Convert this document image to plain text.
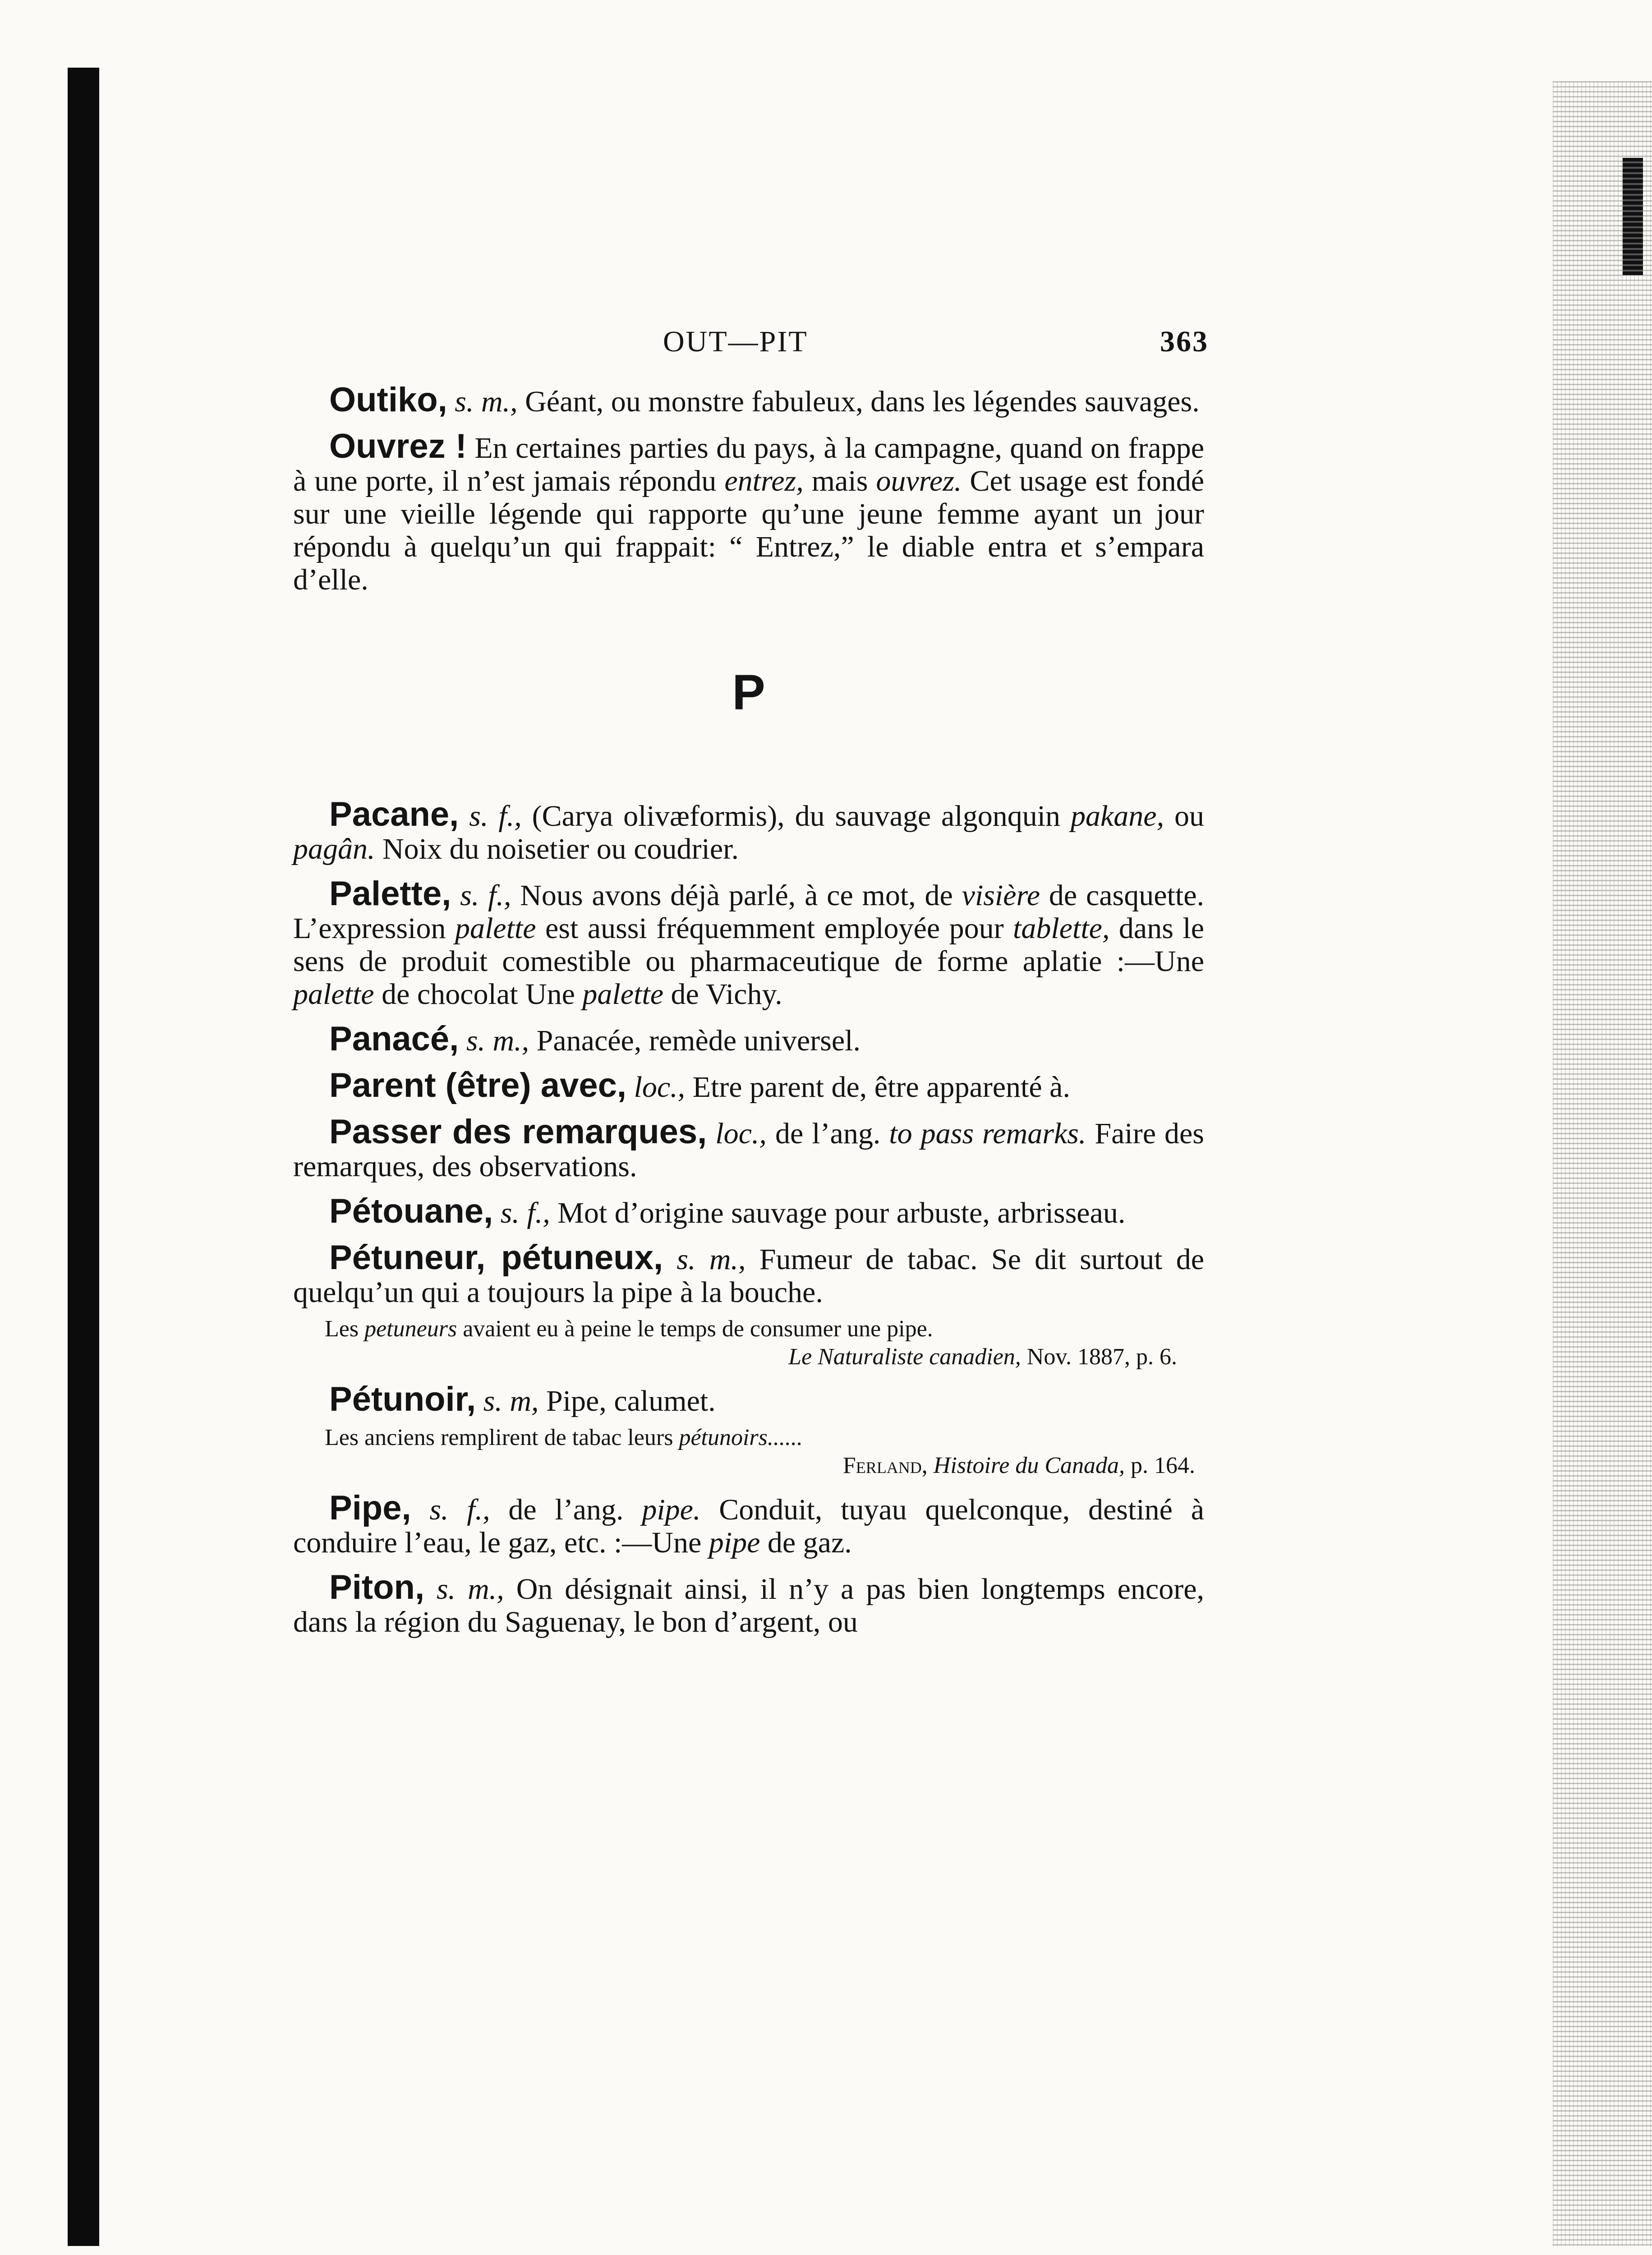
OUT—PIT	363

Outiko, s. m., Géant, ou monstre fabuleux, dans les légendes sauvages.

Ouvrez ! En certaines parties du pays, à la campagne, quand on frappe à une porte, il n’est jamais répondu entrez, mais ouvrez. Cet usage est fondé sur une vieille légende qui rapporte qu’une jeune femme ayant un jour répondu à quelqu’un qui frappait: “ Entrez,” le diable entra et s’empara d’elle.

P

Pacane, s. f., (Carya olivæformis), du sauvage algonquin pakane, ou pagân. Noix du noisetier ou coudrier.

Palette, s. f., Nous avons déjà parlé, à ce mot, de visière de casquette. L’expression palette est aussi fréquemment employée pour tablette, dans le sens de produit comestible ou pharmaceutique de forme aplatie :—Une palette de chocolat Une palette de Vichy.

Panacé, s. m., Panacée, remède universel.

Parent (être) avec, loc., Etre parent de, être apparenté à.

Passer des remarques, loc., de l’ang. to pass remarks. Faire des remarques, des observations.

Pétouane, s. f., Mot d’origine sauvage pour arbuste, arbrisseau.

Pétuneur, pétuneux, s. m., Fumeur de tabac. Se dit surtout de quelqu’un qui a toujours la pipe à la bouche.

Les petuneurs avaient eu à peine le temps de consumer une pipe.

Le Naturaliste canadien, Nov. 1887, p. 6.

Pétunoir, s. m, Pipe, calumet.

Les anciens remplirent de tabac leurs pétunoirs......

Ferland, Histoire du Canada, p. 164.

Pipe, s. f., de l’ang. pipe. Conduit, tuyau quelconque, destiné à conduire l’eau, le gaz, etc. :—Une pipe de gaz.

Piton, s. m., On désignait ainsi, il n’y a pas bien longtemps encore, dans la région du Saguenay, le bon d’argent, ou
